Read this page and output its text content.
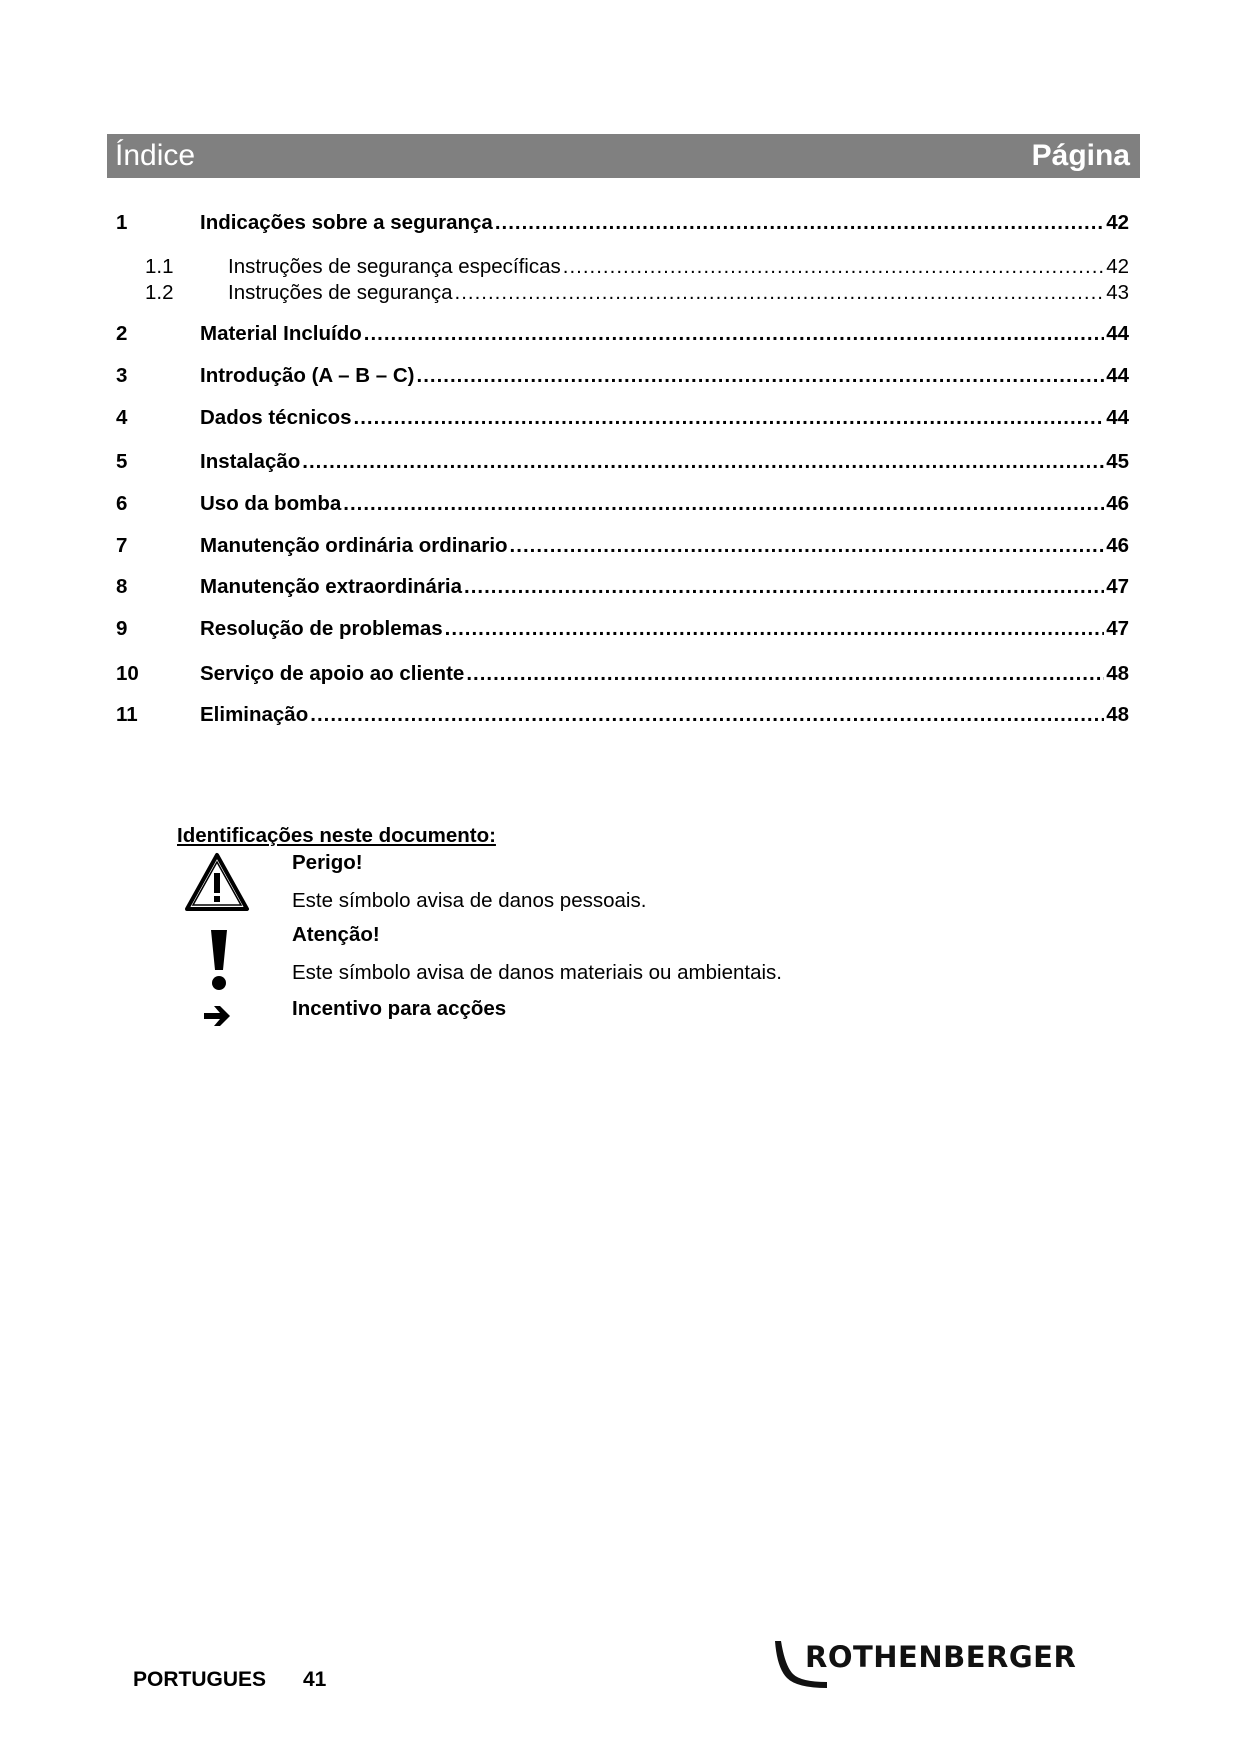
Índice	Página
1	Indicações sobre a segurança .....	42
1.1	Instruções de segurança específicas .....	42
1.2	Instruções de segurança .....	43
2	Material Incluído .....	44
3	Introdução (A – B – C) .....	44
4	Dados técnicos .....	44
5	Instalação .....	45
6	Uso da bomba .....	46
7	Manutenção ordinária ordinario .....	46
8	Manutenção extraordinária .....	47
9	Resolução de problemas .....	47
10	Serviço de apoio ao cliente .....	48
11	Eliminação .....	48
Identificações neste documento:
Perigo!
Este símbolo avisa de danos pessoais.
Atenção!
Este símbolo avisa de danos materiais ou ambientais.
Incentivo para acções
PORTUGUES 41
ROTHENBERGER
